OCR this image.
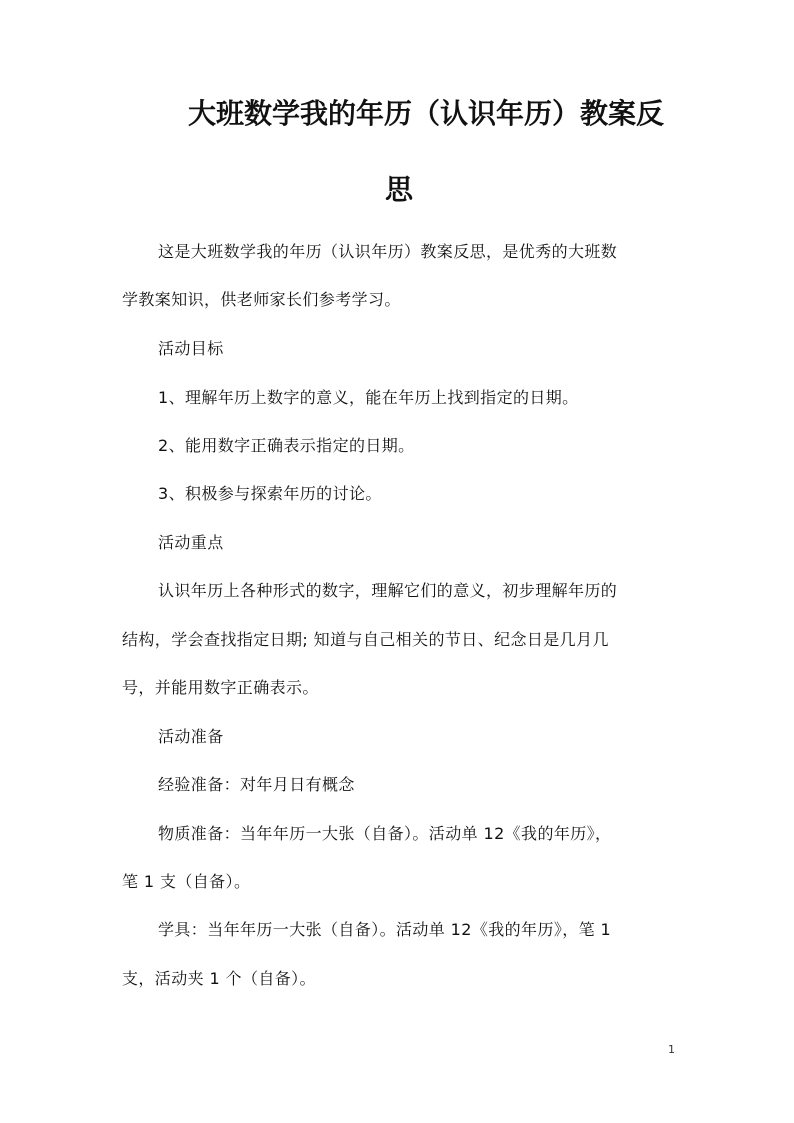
大班数学我的年历（认识年历）教案反
思
这是大班数学我的年历（认识年历）教案反思，是优秀的大班数
学教案知识，供老师家长们参考学习。
活动目标
1、理解年历上数字的意义，能在年历上找到指定的日期。
2、能用数字正确表示指定的日期。
3、积极参与探索年历的讨论。
活动重点
认识年历上各种形式的数字，理解它们的意义，初步理解年历的
结构，学会查找指定日期; 知道与自己相关的节日、纪念日是几月几
号，并能用数字正确表示。
活动准备
经验准备：对年月日有概念
物质准备：当年年历一大张（自备）。活动单 12《我的年历》，
笔 1 支（自备）。
学具：当年年历一大张（自备）。活动单 12《我的年历》，笔 1
支，活动夹 1 个（自备）。
1
